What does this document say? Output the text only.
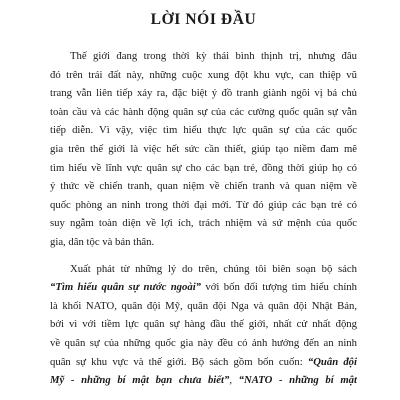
LỜI NÓI ĐẦU
Thế giới đang trong thời kỳ thái bình thịnh trị, nhưng đâu
đó trên trái đất này, những cuộc xung đột khu vực, can thiệp vũ
trang vẫn liên tiếp xảy ra, đặc biệt ý đồ tranh giành ngôi vị bá chủ
toàn cầu và các hành động quân sự của các cường quốc quân sự vẫn
tiếp diễn. Vì vậy, việc tìm hiểu thực lực quân sự của các quốc
gia trên thế giới là việc hết sức cần thiết, giúp tạo niềm đam mê
tìm hiểu về lĩnh vực quân sự cho các bạn trẻ, đồng thời giúp họ có
ý thức về chiến tranh, quan niệm về chiến tranh và quan niệm về
quốc phòng an ninh trong thời đại mới. Từ đó giúp các bạn trẻ có
suy ngẫm toàn diện về lợi ích, trách nhiệm và sứ mệnh của quốc
gia, dân tộc và bản thân.
Xuất phát từ những lý do trên, chúng tôi biên soạn bộ sách
“Tìm hiểu quân sự nước ngoài” với bốn đối tượng tìm hiểu chính
là khối NATO, quân đội Mỹ, quân đội Nga và quân đội Nhật Bản,
bởi vì với tiềm lực quân sự hàng đầu thế giới, nhất cử nhất động
về quân sự của những quốc gia này đều có ảnh hưởng đến an ninh
quân sự khu vực và thế giới. Bộ sách gồm bốn cuốn: “Quân đội
Mỹ - những bí mật bạn chưa biết”, “NATO - những bí mật
